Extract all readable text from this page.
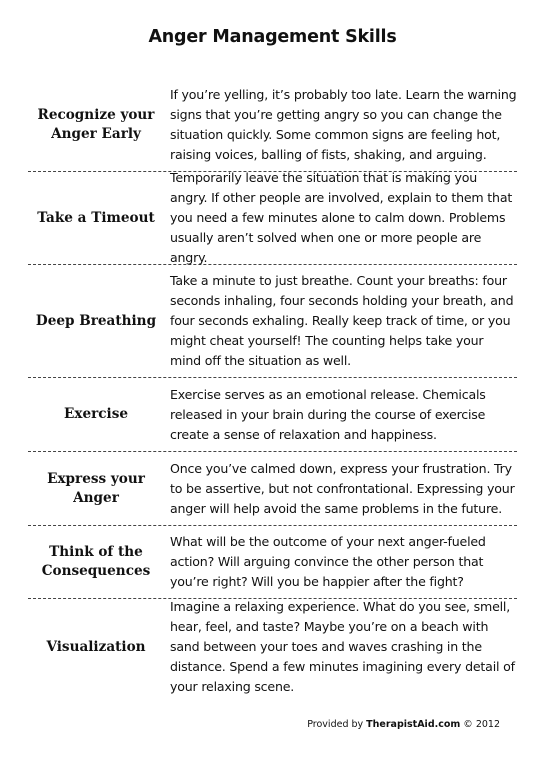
Anger Management Skills
Recognize your Anger Early
If you’re yelling, it’s probably too late. Learn the warning signs that you’re getting angry so you can change the situation quickly. Some common signs are feeling hot, raising voices, balling of fists, shaking, and arguing.
Take a Timeout
Temporarily leave the situation that is making you angry. If other people are involved, explain to them that you need a few minutes alone to calm down. Problems usually aren’t solved when one or more people are angry.
Deep Breathing
Take a minute to just breathe. Count your breaths: four seconds inhaling, four seconds holding your breath, and four seconds exhaling. Really keep track of time, or you might cheat yourself! The counting helps take your mind off the situation as well.
Exercise
Exercise serves as an emotional release. Chemicals released in your brain during the course of exercise create a sense of relaxation and happiness.
Express your Anger
Once you’ve calmed down, express your frustration. Try to be assertive, but not confrontational. Expressing your anger will help avoid the same problems in the future.
Think of the Consequences
What will be the outcome of your next anger-fueled action? Will arguing convince the other person that you’re right? Will you be happier after the fight?
Visualization
Imagine a relaxing experience. What do you see, smell, hear, feel, and taste? Maybe you’re on a beach with sand between your toes and waves crashing in the distance. Spend a few minutes imagining every detail of your relaxing scene.
Provided by TherapistAid.com © 2012
